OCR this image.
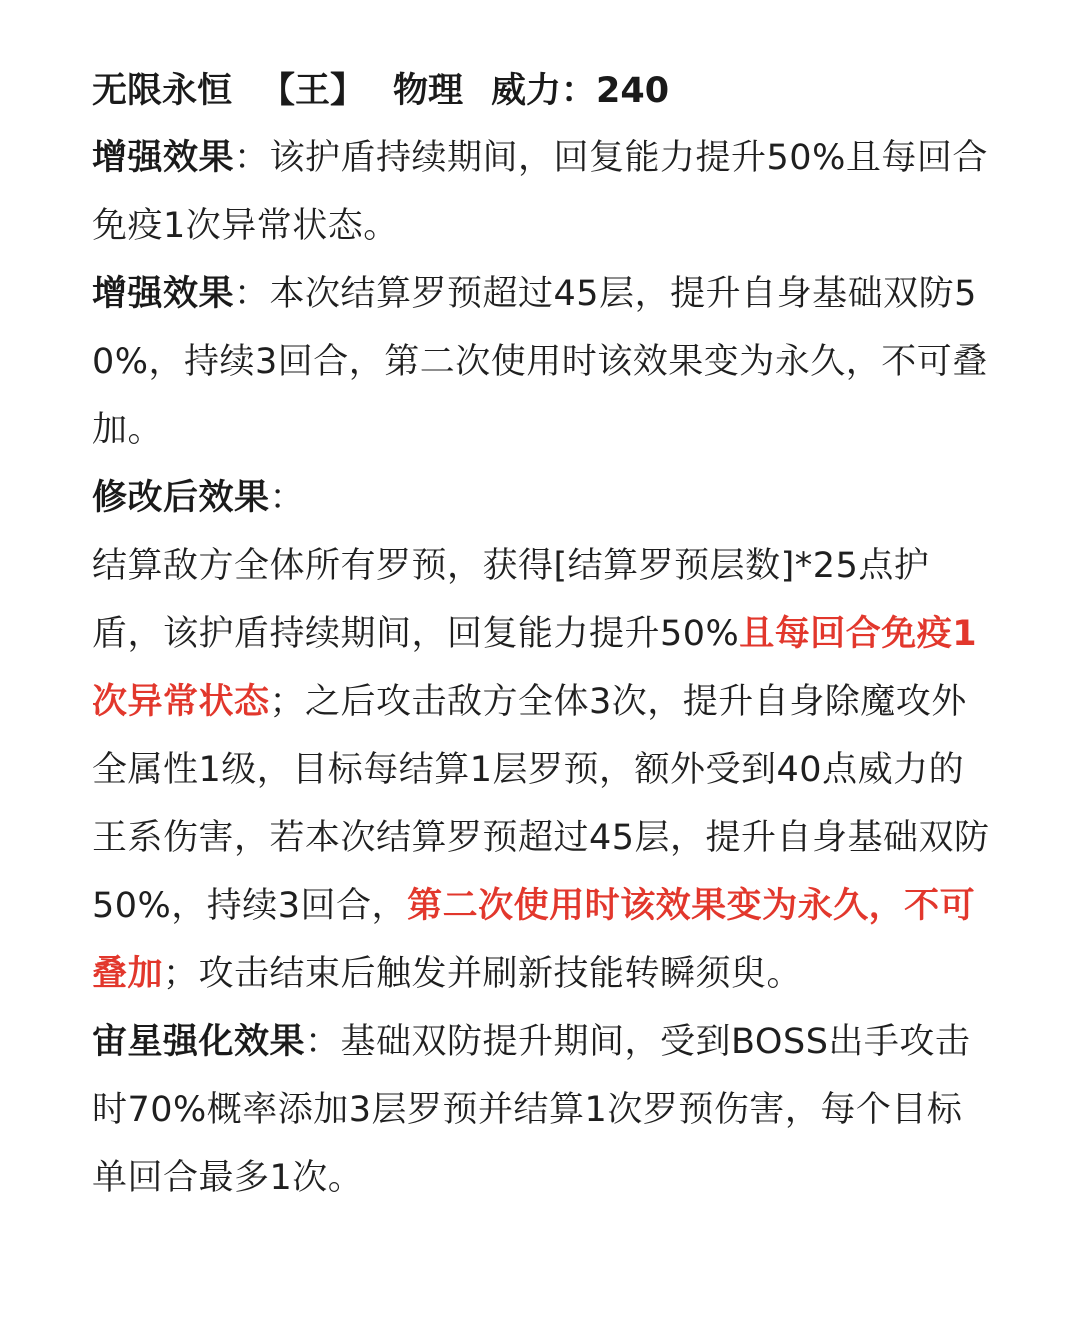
无限永恒 【王】 物理 威力：240

增强效果：该护盾持续期间，回复能力提升50%且每回合免疫1次异常状态。

增强效果：本次结算罗预超过45层，提升自身基础双防50%，持续3回合，第二次使用时该效果变为永久，不可叠加。

修改后效果：

结算敌方全体所有罗预，获得[结算罗预层数]*25点护盾，该护盾持续期间，回复能力提升50%且每回合免疫1次异常状态；之后攻击敌方全体3次，提升自身除魔攻外全属性1级，目标每结算1层罗预，额外受到40点威力的王系伤害，若本次结算罗预超过45层，提升自身基础双防50%，持续3回合，第二次使用时该效果变为永久，不可叠加；攻击结束后触发并刷新技能转瞬须臾。

宙星强化效果：基础双防提升期间，受到BOSS出手攻击时70%概率添加3层罗预并结算1次罗预伤害，每个目标单回合最多1次。
